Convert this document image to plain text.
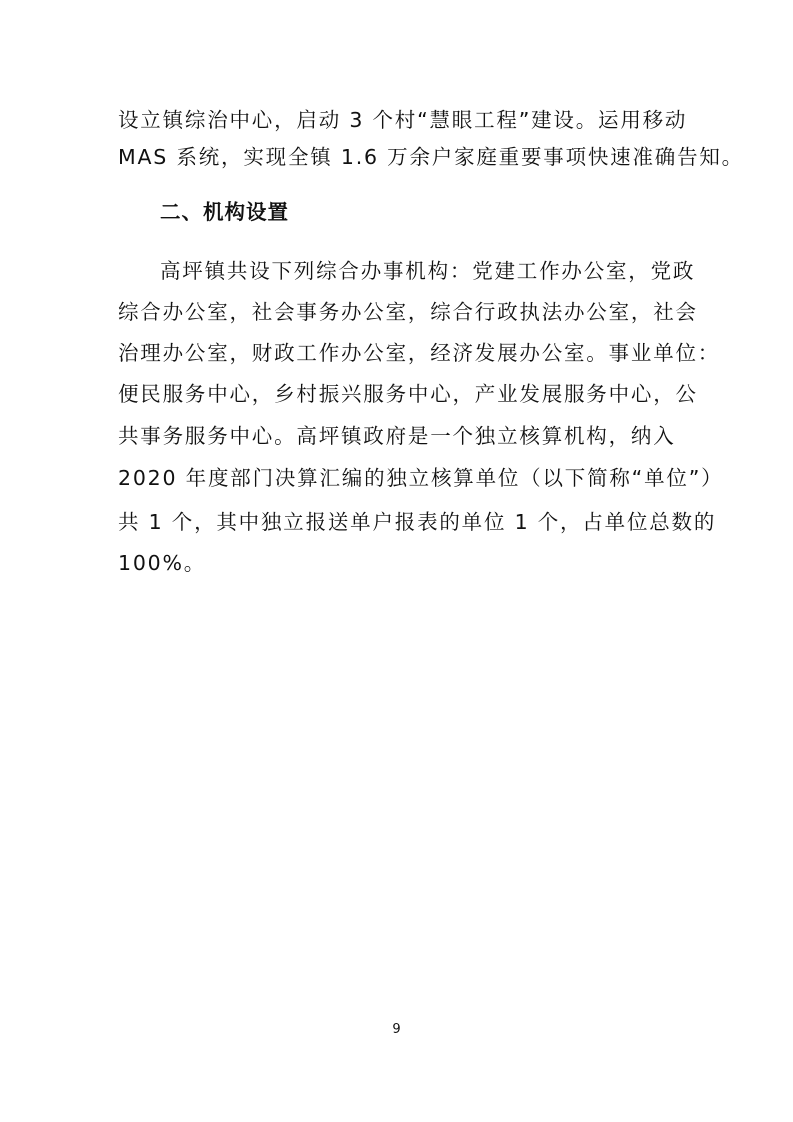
设立镇综治中心，启动 3 个村“慧眼工程”建设。运用移动
MAS 系统，实现全镇 1.6 万余户家庭重要事项快速准确告知。
二、机构设置
高坪镇共设下列综合办事机构：党建工作办公室，党政
综合办公室，社会事务办公室，综合行政执法办公室，社会
治理办公室，财政工作办公室，经济发展办公室。事业单位：
便民服务中心，乡村振兴服务中心，产业发展服务中心，公
共事务服务中心。高坪镇政府是一个独立核算机构，纳入
2020 年度部门决算汇编的独立核算单位（以下简称“单位”）
共 1 个，其中独立报送单户报表的单位 1 个，占单位总数的
100%。
9
